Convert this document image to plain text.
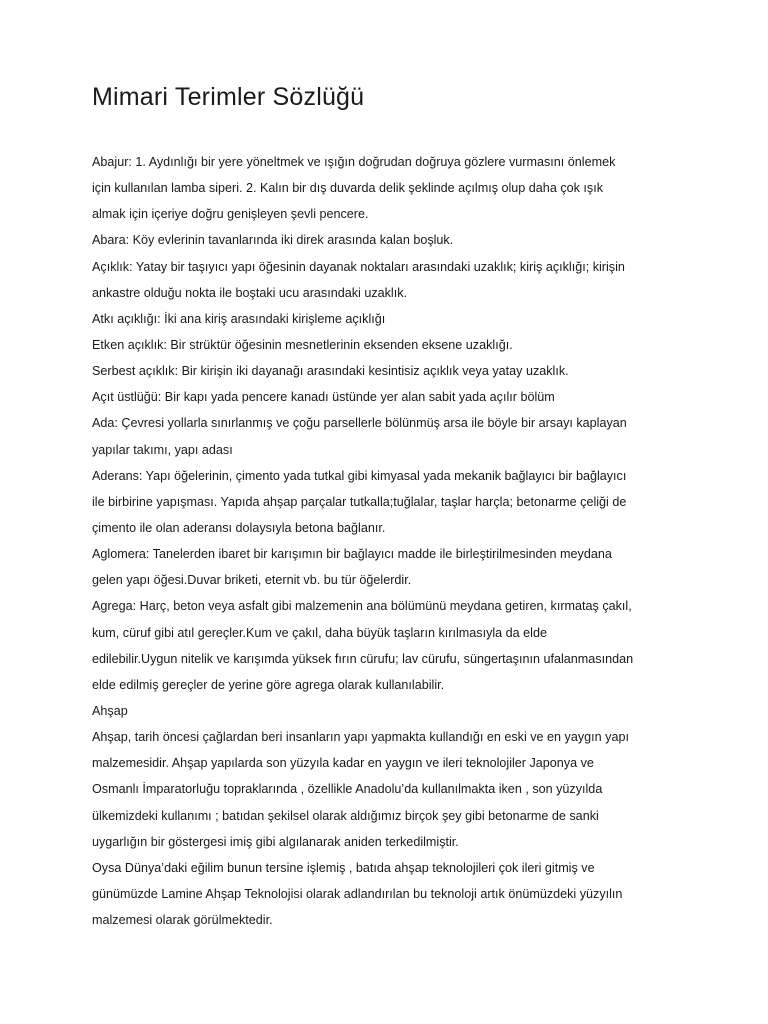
Mimari Terimler Sözlüğü
Abajur: 1. Aydınlığı bir yere yöneltmek ve ışığın doğrudan doğruya gözlere vurmasını önlemek
için kullanılan lamba siperi. 2. Kalın bir dış duvarda delik şeklinde açılmış olup daha çok ışık
almak için içeriye doğru genişleyen şevli pencere.
Abara: Köy evlerinin tavanlarında iki direk arasında kalan boşluk.
Açıklık: Yatay bir taşıyıcı yapı öğesinin dayanak noktaları arasındaki uzaklık; kiriş açıklığı; kirişin
ankastre olduğu nokta ile boştaki ucu arasındaki uzaklık.
Atkı açıklığı: İki ana kiriş arasındaki kirişleme açıklığı
Etken açıklık: Bir strüktür öğesinin mesnetlerinin eksenden eksene uzaklığı.
Serbest açıklık: Bir kirişin iki dayanağı arasındaki kesintisiz açıklık veya yatay uzaklık.
Açıt üstlüğü: Bir kapı yada pencere kanadı üstünde yer alan sabit yada açılır bölüm
Ada: Çevresi yollarla sınırlanmış ve çoğu parsellerle bölünmüş arsa ile böyle bir arsayı kaplayan
yapılar takımı, yapı adası
Aderans: Yapı öğelerinin, çimento yada tutkal gibi kimyasal yada mekanik bağlayıcı bir bağlayıcı
ile birbirine yapışması. Yapıda ahşap parçalar tutkalla;tuğlalar, taşlar harçla; betonarme çeliği de
çimento ile olan aderansı dolaysıyla betona bağlanır.
Aglomera: Tanelerden ibaret bir karışımın bir bağlayıcı madde ile birleştirilmesinden meydana
gelen yapı öğesi.Duvar briketi, eternit vb. bu tür öğelerdir.
Agrega: Harç, beton veya asfalt gibi malzemenin ana bölümünü meydana getiren, kırmataş çakıl,
kum, cüruf gibi atıl gereçler.Kum ve çakıl, daha büyük taşların kırılmasıyla da elde
edilebilir.Uygun nitelik ve karışımda yüksek fırın cürufu; lav cürufu, süngertaşının ufalanmasından
elde edilmiş gereçler de yerine göre agrega olarak kullanılabilir.
Ahşap
Ahşap, tarih öncesi çağlardan beri insanların yapı yapmakta kullandığı en eski ve en yaygın yapı
malzemesidir. Ahşap yapılarda son yüzyıla kadar en yaygın ve ileri teknolojiler Japonya ve
Osmanlı İmparatorluğu topraklarında , özellikle Anadolu’da kullanılmakta iken , son yüzyılda
ülkemizdeki kullanımı ; batıdan şekilsel olarak aldığımız birçok şey gibi betonarme de sanki
uygarlığın bir göstergesi imiş gibi algılanarak aniden terkedilmiştir.
Oysa Dünya’daki eğilim bunun tersine işlemiş , batıda ahşap teknolojileri çok ileri gitmiş ve
günümüzde Lamine Ahşap Teknolojisi olarak adlandırılan bu teknoloji artık önümüzdeki yüzyılın
malzemesi olarak görülmektedir.
